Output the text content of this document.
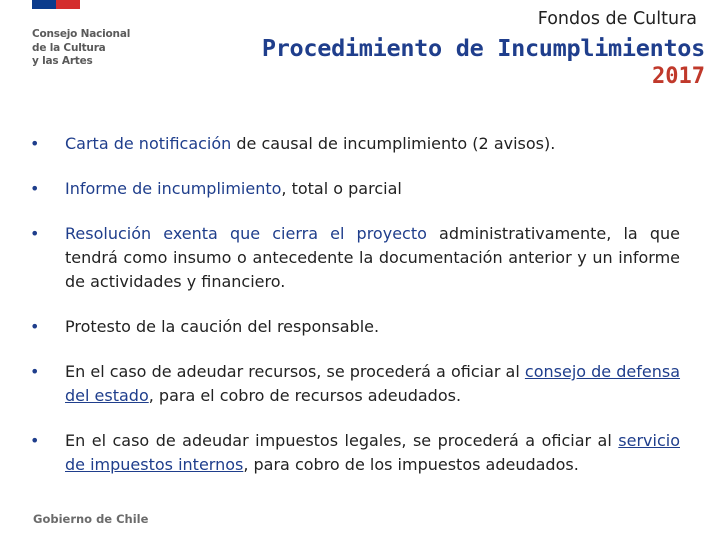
Consejo Nacional
de la Cultura
y las Artes
Fondos de Cultura
Procedimiento de Incumplimientos
2017
•	Carta de notificación de causal de incumplimiento (2 avisos).
•	Informe de incumplimiento, total o parcial
•	Resolución exenta que cierra el proyecto administrativamente, la que tendrá como insumo o antecedente la documentación anterior y un informe de actividades y financiero.
•	Protesto de la caución del responsable.
•	En el caso de adeudar recursos, se procederá a oficiar al consejo de defensa del estado, para el cobro de recursos adeudados.
•	En el caso de adeudar impuestos legales, se procederá a oficiar al servicio de impuestos internos, para cobro de los impuestos adeudados.
Gobierno de Chile
